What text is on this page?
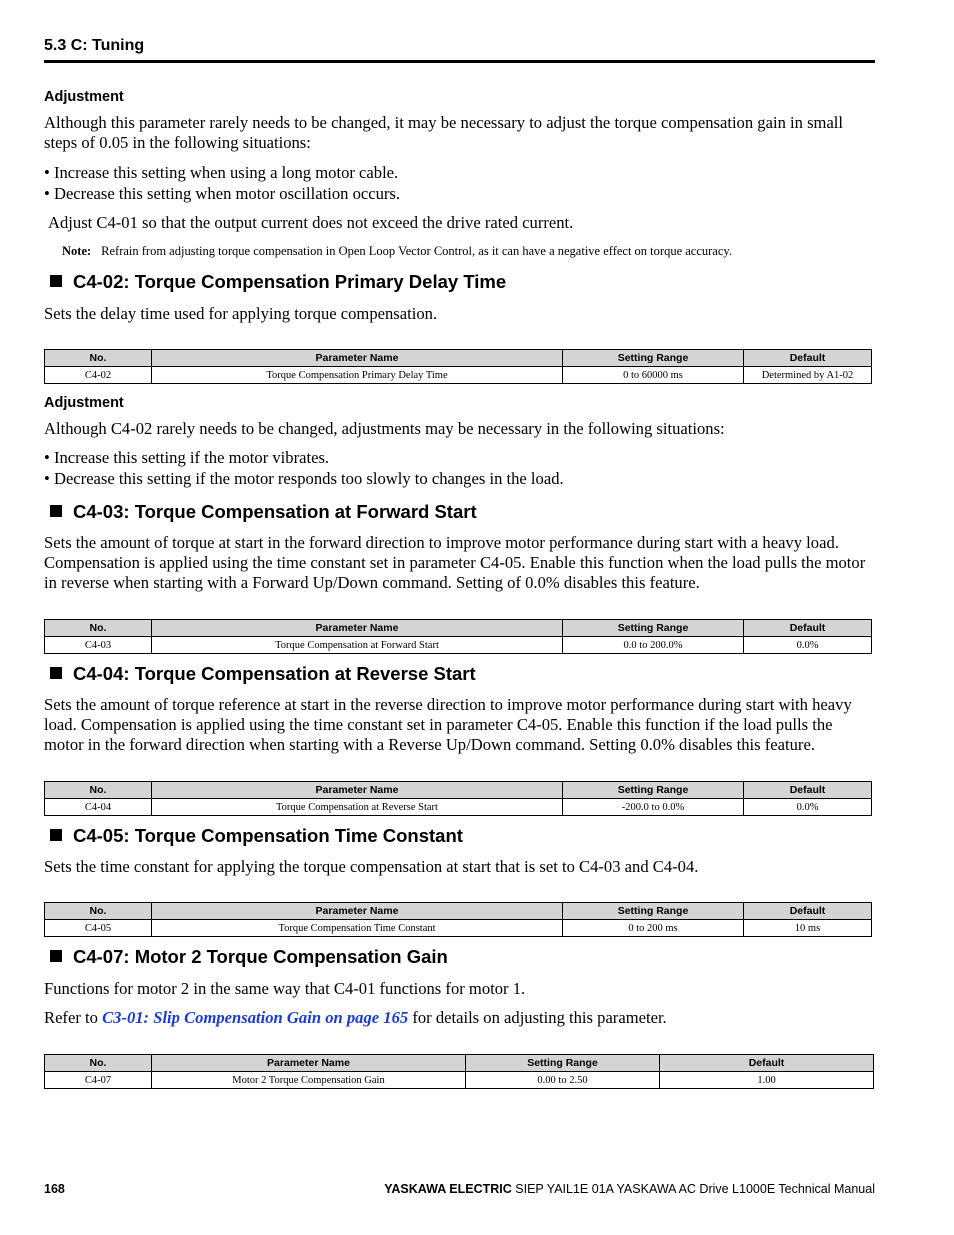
5.3 C: Tuning
Adjustment
Although this parameter rarely needs to be changed, it may be necessary to adjust the torque compensation gain in small steps of 0.05 in the following situations:
• Increase this setting when using a long motor cable.
• Decrease this setting when motor oscillation occurs.
Adjust C4-01 so that the output current does not exceed the drive rated current.
Note: Refrain from adjusting torque compensation in Open Loop Vector Control, as it can have a negative effect on torque accuracy.
C4-02: Torque Compensation Primary Delay Time
Sets the delay time used for applying torque compensation.
No.	Parameter Name	Setting Range	Default
C4-02	Torque Compensation Primary Delay Time	0 to 60000 ms	Determined by A1-02
Adjustment
Although C4-02 rarely needs to be changed, adjustments may be necessary in the following situations:
• Increase this setting if the motor vibrates.
• Decrease this setting if the motor responds too slowly to changes in the load.
C4-03: Torque Compensation at Forward Start
Sets the amount of torque at start in the forward direction to improve motor performance during start with a heavy load. Compensation is applied using the time constant set in parameter C4-05. Enable this function when the load pulls the motor in reverse when starting with a Forward Up/Down command. Setting of 0.0% disables this feature.
No.	Parameter Name	Setting Range	Default
C4-03	Torque Compensation at Forward Start	0.0 to 200.0%	0.0%
C4-04: Torque Compensation at Reverse Start
Sets the amount of torque reference at start in the reverse direction to improve motor performance during start with heavy load. Compensation is applied using the time constant set in parameter C4-05. Enable this function if the load pulls the motor in the forward direction when starting with a Reverse Up/Down command. Setting 0.0% disables this feature.
No.	Parameter Name	Setting Range	Default
C4-04	Torque Compensation at Reverse Start	-200.0 to 0.0%	0.0%
C4-05: Torque Compensation Time Constant
Sets the time constant for applying the torque compensation at start that is set to C4-03 and C4-04.
No.	Parameter Name	Setting Range	Default
C4-05	Torque Compensation Time Constant	0 to 200 ms	10 ms
C4-07: Motor 2 Torque Compensation Gain
Functions for motor 2 in the same way that C4-01 functions for motor 1.
Refer to C3-01: Slip Compensation Gain on page 165 for details on adjusting this parameter.
No.	Parameter Name	Setting Range	Default
C4-07	Motor 2 Torque Compensation Gain	0.00 to 2.50	1.00
168	YASKAWA ELECTRIC SIEP YAIL1E 01A YASKAWA AC Drive L1000E Technical Manual
